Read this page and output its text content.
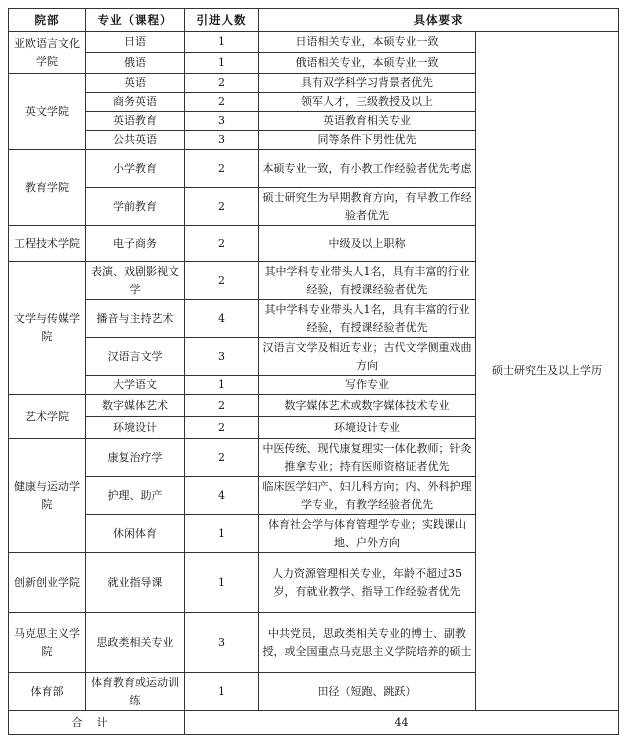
院部	专业（课程）	引进人数	具体要求	
亚欧语言文化学院	日语	1	日语相关专业，本硕专业一致	硕士研究生及以上学历
	俄语	1	俄语相关专业，本硕专业一致	
英文学院	英语	2	具有双学科学习背景者优先	
	商务英语	2	领军人才，三级教授及以上	
	英语教育	3	英语教育相关专业	
	公共英语	3	同等条件下男性优先	
教育学院	小学教育	2	本硕专业一致，有小教工作经验者优先考虑	
	学前教育	2	硕士研究生为早期教育方向，有早教工作经验者优先	
工程技术学院	电子商务	2	中级及以上职称	
文学与传媒学院	表演、戏剧影视文学	2	其中学科专业带头人1名，具有丰富的行业经验，有授课经验者优先	
	播音与主持艺术	4	其中学科专业带头人1名，具有丰富的行业经验，有授课经验者优先	
	汉语言文学	3	汉语言文学及相近专业；古代文学侧重戏曲方向	
	大学语文	1	写作专业	
艺术学院	数字媒体艺术	2	数字媒体艺术或数字媒体技术专业	
	环境设计	2	环境设计专业	
健康与运动学院	康复治疗学	2	中医传统、现代康复理实一体化教师；针灸推拿专业；持有医师资格证者优先	
	护理、助产	4	临床医学妇产、妇儿科方向；内、外科护理学专业，有教学经验者优先	
	休闲体育	1	体育社会学与体育管理学专业；实践课山地、户外方向	
创新创业学院	就业指导课	1	人力资源管理相关专业，年龄不超过35岁，有就业教学、指导工作经验者优先	
马克思主义学院	思政类相关专业	3	中共党员，思政类相关专业的博士、副教授，或全国重点马克思主义学院培养的硕士	
体育部	体育教育或运动训练	1	田径（短跑、跳跃）	
合计		44		
